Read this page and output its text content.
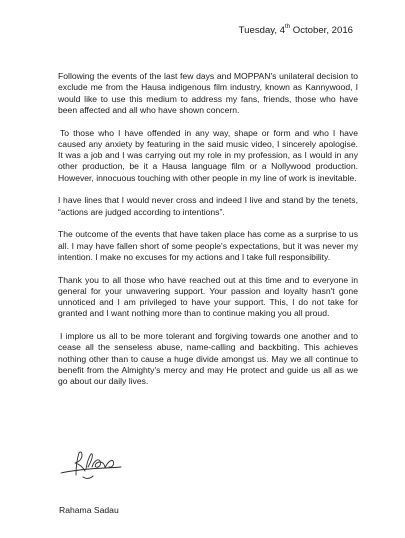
Tuesday, 4th October, 2016

Following the events of the last few days and MOPPAN's unilateral decision to exclude me from the Hausa indigenous film industry, known as Kannywood, I would like to use this medium to address my fans, friends, those who have been affected and all who have shown concern.

To those who I have offended in any way, shape or form and who I have caused any anxiety by featuring in the said music video, I sincerely apologise. It was a job and I was carrying out my role in my profession, as I would in any other production, be it a Hausa language film or a Nollywood production. However, innocuous touching with other people in my line of work is inevitable.

I have lines that I would never cross and indeed I live and stand by the tenets, “actions are judged according to intentions”.

The outcome of the events that have taken place has come as a surprise to us all. I may have fallen short of some people's expectations, but it was never my intention. I make no excuses for my actions and I take full responsibility.

Thank you to all those who have reached out at this time and to everyone in general for your unwavering support. Your passion and loyalty hasn't gone unnoticed and I am privileged to have your support. This, I do not take for granted and I want nothing more than to continue making you all proud.

I implore us all to be more tolerant and forgiving towards one another and to cease all the senseless abuse, name-calling and backbiting. This achieves nothing other than to cause a huge divide amongst us. May we all continue to benefit from the Almighty's mercy and may He protect and guide us all as we go about our daily lives.

Rahama Sadau
